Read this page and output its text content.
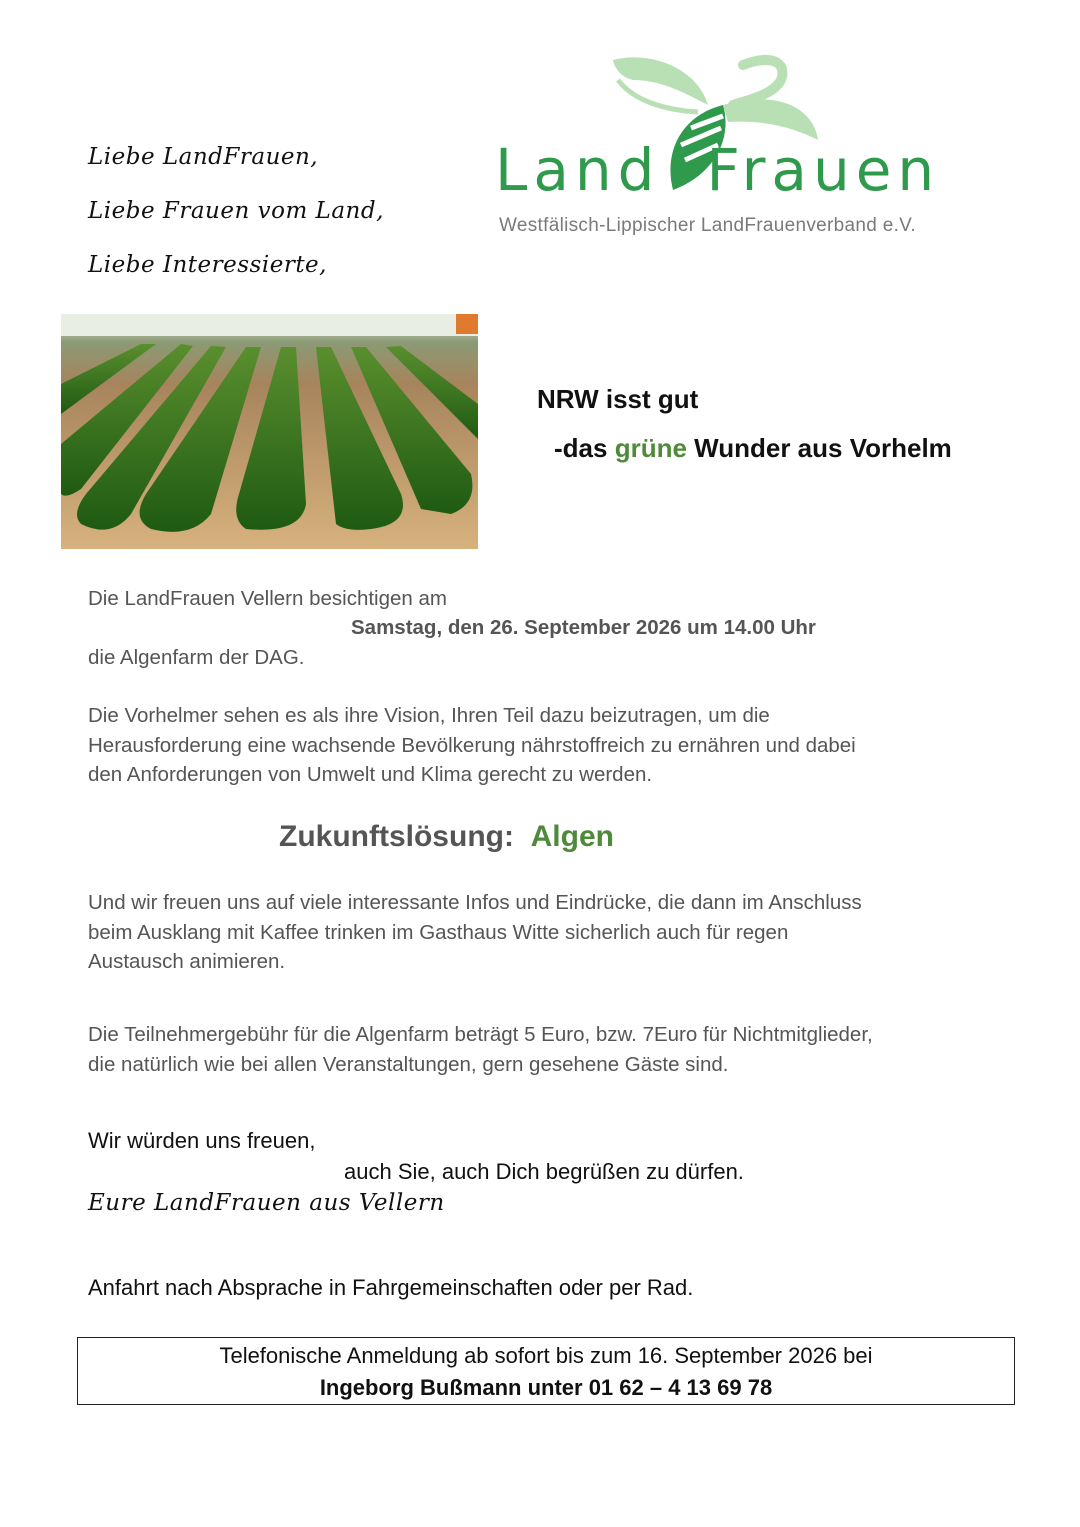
Liebe LandFrauen,
Liebe Frauen vom Land,
Liebe Interessierte,
Land Frauen
Westfälisch-Lippischer LandFrauenverband e.V.
NRW isst gut
-das grüne Wunder aus Vorhelm
Die LandFrauen Vellern besichtigen am
Samstag, den 26. September 2026 um 14.00 Uhr
die Algenfarm der DAG.
Die Vorhelmer sehen es als ihre Vision, Ihren Teil dazu beizutragen, um die
Herausforderung eine wachsende Bevölkerung nährstoffreich zu ernähren und dabei
den Anforderungen von Umwelt und Klima gerecht zu werden.
Zukunftslösung: Algen
Und wir freuen uns auf viele interessante Infos und Eindrücke, die dann im Anschluss
beim Ausklang mit Kaffee trinken im Gasthaus Witte sicherlich auch für regen
Austausch animieren.
Die Teilnehmergebühr für die Algenfarm beträgt 5 Euro, bzw. 7Euro für Nichtmitglieder,
die natürlich wie bei allen Veranstaltungen, gern gesehene Gäste sind.
Wir würden uns freuen,
auch Sie, auch Dich begrüßen zu dürfen.
Eure LandFrauen aus Vellern
Anfahrt nach Absprache in Fahrgemeinschaften oder per Rad.
Telefonische Anmeldung ab sofort bis zum 16. September 2026 bei
Ingeborg Bußmann unter 01 62 – 4 13 69 78
